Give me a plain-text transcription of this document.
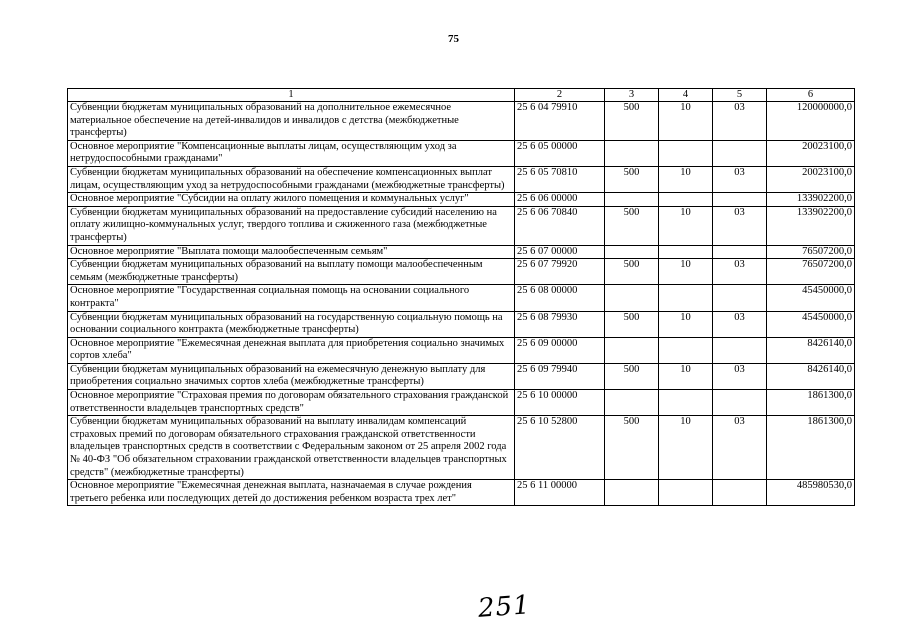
75
1	2	3	4	5	6
Субвенции бюджетам муниципальных образований на дополнительное ежемесячное материальное обеспечение на детей-инвалидов и инвалидов с детства (межбюджетные трансферты)	25 6 04 79910	500	10	03	120000000,0
Основное мероприятие "Компенсационные выплаты лицам, осуществляющим уход за нетрудоспособными гражданами"	25 6 05 00000				20023100,0
Субвенции бюджетам муниципальных образований на обеспечение компенсационных выплат лицам, осуществляющим уход за нетрудоспособными гражданами (межбюджетные трансферты)	25 6 05 70810	500	10	03	20023100,0
Основное мероприятие "Субсидии на оплату жилого помещения и коммунальных услуг"	25 6 06 00000				133902200,0
Субвенции бюджетам муниципальных образований на предоставление субсидий населению на оплату жилищно-коммунальных услуг, твердого топлива и сжиженного газа (межбюджетные трансферты)	25 6 06 70840	500	10	03	133902200,0
Основное мероприятие "Выплата помощи малообеспеченным семьям"	25 6 07 00000				76507200,0
Субвенции бюджетам муниципальных образований на выплату помощи малообеспеченным семьям (межбюджетные трансферты)	25 6 07 79920	500	10	03	76507200,0
Основное мероприятие "Государственная социальная помощь на основании социального контракта"	25 6 08 00000				45450000,0
Субвенции бюджетам муниципальных образований на государственную социальную помощь на основании социального контракта (межбюджетные трансферты)	25 6 08 79930	500	10	03	45450000,0
Основное мероприятие "Ежемесячная денежная выплата для приобретения социально значимых сортов хлеба"	25 6 09 00000				8426140,0
Субвенции бюджетам муниципальных образований на ежемесячную денежную выплату для приобретения социально значимых сортов хлеба (межбюджетные трансферты)	25 6 09 79940	500	10	03	8426140,0
Основное мероприятие "Страховая премия по договорам обязательного страхования гражданской ответственности владельцев транспортных средств"	25 6 10 00000				1861300,0
Субвенции бюджетам муниципальных образований на выплату инвалидам компенсаций страховых премий по договорам обязательного страхования гражданской ответственности владельцев транспортных средств в соответствии с Федеральным законом от 25 апреля 2002 года № 40-ФЗ "Об обязательном страховании гражданской ответственности владельцев транспортных средств" (межбюджетные трансферты)	25 6 10 52800	500	10	03	1861300,0
Основное мероприятие "Ежемесячная денежная выплата, назначаемая в случае рождения третьего ребенка или последующих детей до достижения ребенком возраста трех лет"	25 6 11 00000				485980530,0
251
